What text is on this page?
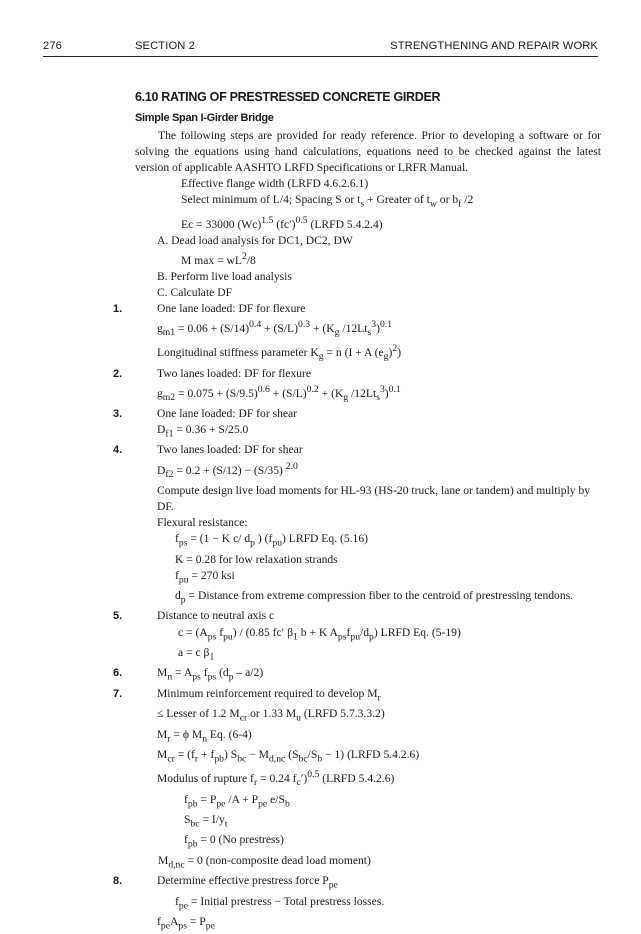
276	SECTION 2	STRENGTHENING AND REPAIR WORK
6.10 RATING OF PRESTRESSED CONCRETE GIRDER
Simple Span I-Girder Bridge

The following steps are provided for ready reference. Prior to developing a software or for solving the equations using hand calculations, equations need to be checked against the latest version of applicable AASHTO LRFD Specifications or LRFR Manual.

Effective flange width (LRFD 4.6.2.6.1)
Select minimum of L/4; Spacing S or $t_s$ + Greater of $t_w$ or $b_f$ /2
Ec = 33000 $(Wc)^{1.5}$ $(fc')^{0.5}$ (LRFD 5.4.2.4)
A. Dead load analysis for DC1, DC2, DW
M $\max = wL^2/8$
B. Perform live load analysis
C. Calculate DF
1.	One lane loaded: DF for flexure
$g_{m1} = 0.06 + (S/14)^{0.4} + (S/L)^{0.3} + (K_g$ $/12Lt_s^3)^{0.1}$
Longitudinal stiffness parameter $K_g = n$ (I + A $(e_g)^2$)
2.	Two lanes loaded: DF for flexure
$g_{m2} = 0.075 + (S/9.5)^{0.6} + (S/L)^{0.2} + (K_g$ $/12Lt_s^3)^{0.1}$
3.	One lane loaded: DF for shear
$D_{f1} = 0.36 + S/25.0$
4.	Two lanes loaded: DF for shear
$D_{f2} = 0.2 + (S/12) - (S/35)$ $^{2.0}$

Compute design live load moments for HL-93 (HS-20 truck, lane or tandem) and multiply by DF.

Flexural resistance:
$f_{ps} = (1 - K$ c/ $d_p$ ) $(f_{pu})$ LRFD Eq. (5.16)
K = 0.28 for low relaxation strands
$f_{pu} = 270$ ksi
$d_p$ = Distance from extreme compression fiber to the centroid of prestressing tendons.
5.	Distance to neutral axis c
$c = (A_{ps}$ $f_{pu}) / (0.85$ fc′ $\beta_1$ b + K $A_{ps}f_{pu}/d_p$) LRFD Eq. (5-19)
a = c $\beta_1$
6.	$M_n = A_{ps}$ $f_{ps}$ $(d_p - a/2)$
7.	Minimum reinforcement required to develop $M_r$
≤ Lesser of 1.2 $M_{cr}$ or 1.33 $M_u$ (LRFD 5.7.3.3.2)
$M_r = \phi$ $M_n$ Eq. (6-4)
$M_{cr} = (f_r + f_{pb}) S_{bc} - M_{d,nc}$ $(S_{bc}/S_b - 1)$ (LRFD 5.4.2.6)
Modulus of rupture $f_r = 0.24$ $f_c')^{0.5}$ (LRFD 5.4.2.6)
$f_{pb} = P_{pe}$ $/A + P_{pe}$ $e/S_b$
$S_{bc} = I/y_t$
$f_{pb} = 0$ (No prestress)
$M_{d,nc} = 0$ (non-composite dead load moment)
8.	Determine effective prestress force $P_{pe}$
$f_{pe}$ = Initial prestress − Total prestress losses.
$f_{pe}A_{ps} = P_{pe}$
